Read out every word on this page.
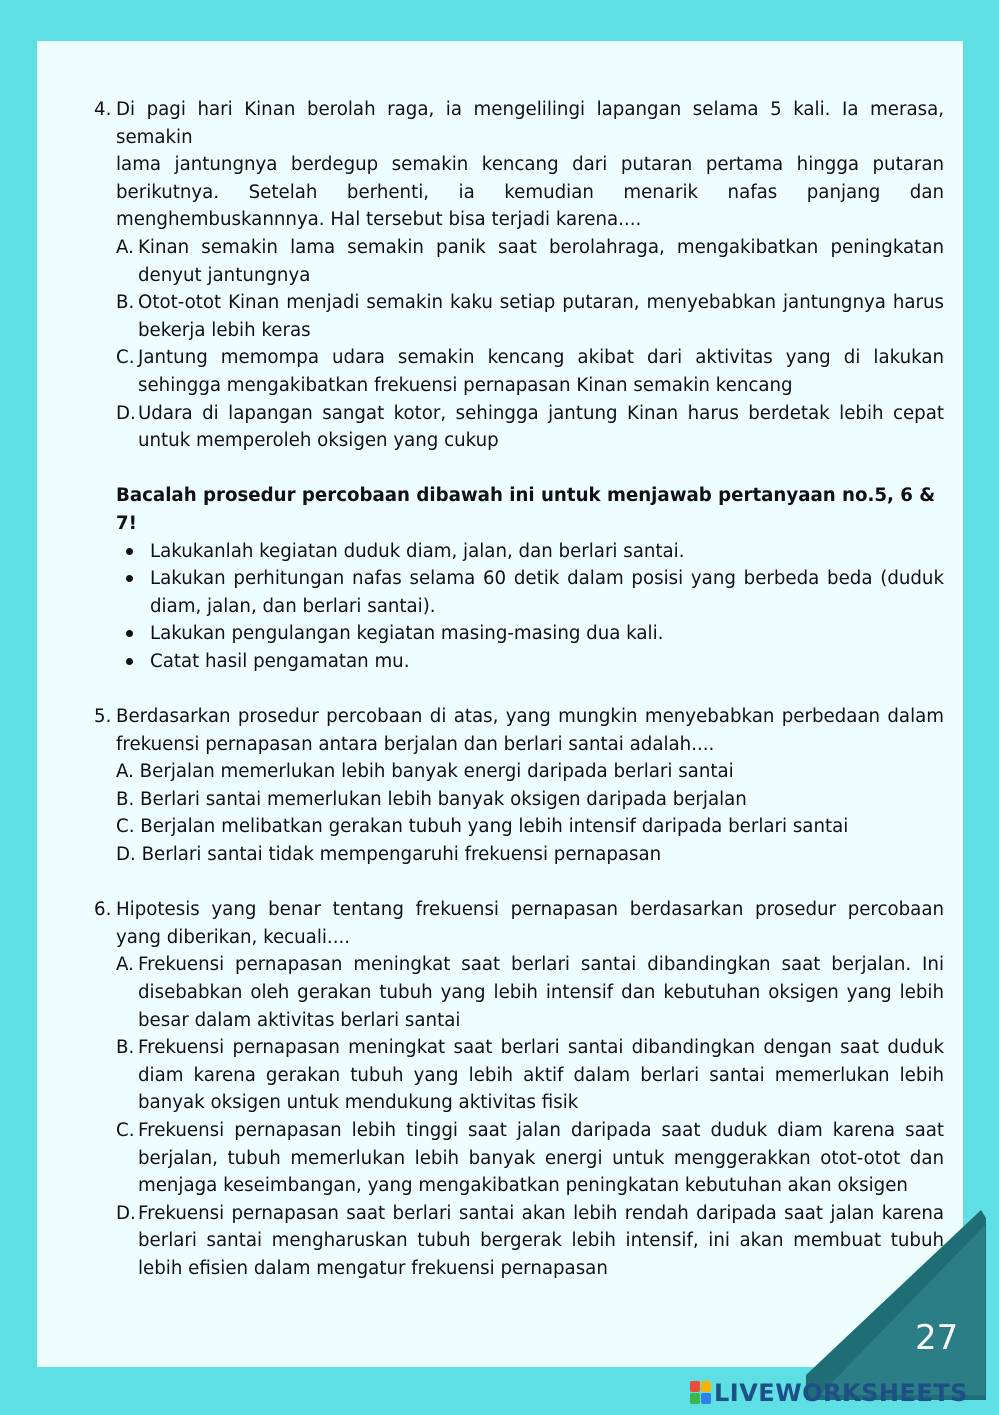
4. Di pagi hari Kinan berolah raga, ia mengelilingi lapangan selama 5 kali. Ia merasa, semakin
lama jantungnya berdegup semakin kencang dari putaran pertama hingga putaran
berikutnya. Setelah berhenti, ia kemudian menarik nafas panjang dan
menghembuskannnya. Hal tersebut bisa terjadi karena....
A. Kinan semakin lama semakin panik saat berolahraga, mengakibatkan peningkatan denyut jantungnya
B. Otot-otot Kinan menjadi semakin kaku setiap putaran, menyebabkan jantungnya harus bekerja lebih keras
C. Jantung memompa udara semakin kencang akibat dari aktivitas yang di lakukan sehingga mengakibatkan frekuensi pernapasan Kinan semakin kencang
D. Udara di lapangan sangat kotor, sehingga jantung Kinan harus berdetak lebih cepat untuk memperoleh oksigen yang cukup
Bacalah prosedur percobaan dibawah ini untuk menjawab pertanyaan no.5, 6 & 7!
Lakukanlah kegiatan duduk diam, jalan, dan berlari santai.
Lakukan perhitungan nafas selama 60 detik dalam posisi yang berbeda beda (duduk diam, jalan, dan berlari santai).
Lakukan pengulangan kegiatan masing-masing dua kali.
Catat hasil pengamatan mu.
5. Berdasarkan prosedur percobaan di atas, yang mungkin menyebabkan perbedaan dalam frekuensi pernapasan antara berjalan dan berlari santai adalah....
A. Berjalan memerlukan lebih banyak energi daripada berlari santai
B. Berlari santai memerlukan lebih banyak oksigen daripada berjalan
C. Berjalan melibatkan gerakan tubuh yang lebih intensif daripada berlari santai
D. Berlari santai tidak mempengaruhi frekuensi pernapasan
6. Hipotesis yang benar tentang frekuensi pernapasan berdasarkan prosedur percobaan yang diberikan, kecuali....
A. Frekuensi pernapasan meningkat saat berlari santai dibandingkan saat berjalan. Ini disebabkan oleh gerakan tubuh yang lebih intensif dan kebutuhan oksigen yang lebih besar dalam aktivitas berlari santai
B. Frekuensi pernapasan meningkat saat berlari santai dibandingkan dengan saat duduk diam karena gerakan tubuh yang lebih aktif dalam berlari santai memerlukan lebih banyak oksigen untuk mendukung aktivitas fisik
C. Frekuensi pernapasan lebih tinggi saat jalan daripada saat duduk diam karena saat berjalan, tubuh memerlukan lebih banyak energi untuk menggerakkan otot-otot dan menjaga keseimbangan, yang mengakibatkan peningkatan kebutuhan akan oksigen
D. Frekuensi pernapasan saat berlari santai akan lebih rendah daripada saat jalan karena berlari santai mengharuskan tubuh bergerak lebih intensif, ini akan membuat tubuh lebih efisien dalam mengatur frekuensi pernapasan
27
LIVEWORKSHEETS
